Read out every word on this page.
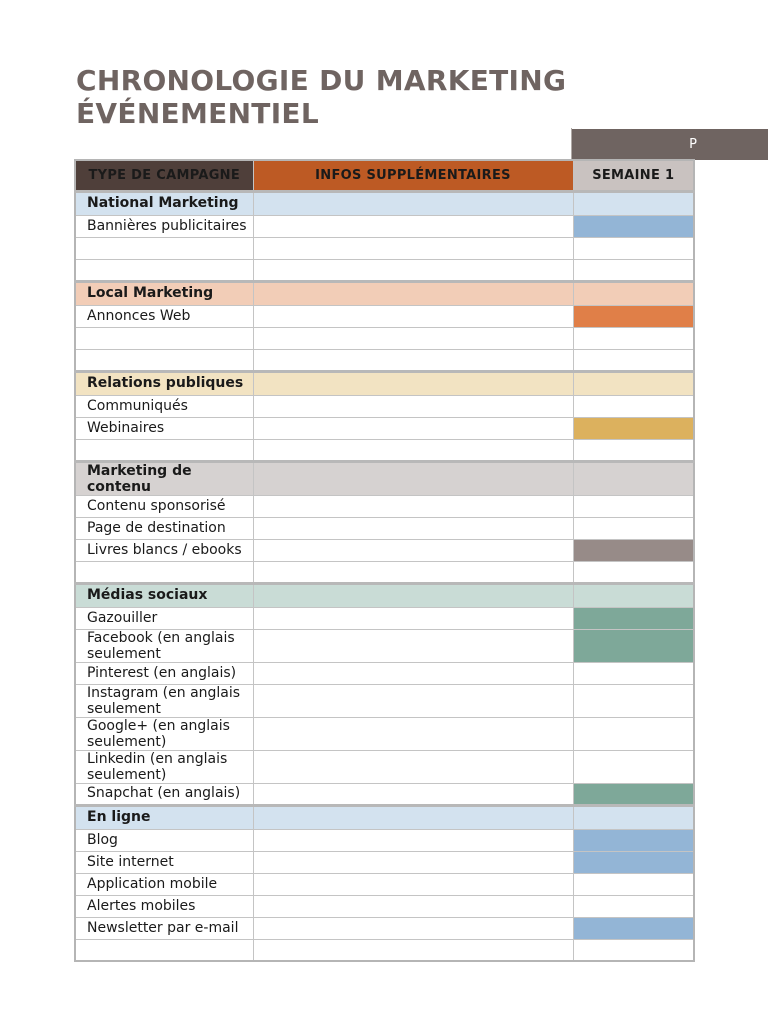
CHRONOLOGIE DU MARKETING
ÉVÉNEMENTIEL
P
TYPE DE CAMPAGNE	INFOS SUPPLÉMENTAIRES	SEMAINE 1
National Marketing		
Bannières publicitaires		

Local Marketing		
Annonces Web		

Relations publiques		
Communiqués		
Webinaires		

Marketing de contenu		
Contenu sponsorisé		
Page de destination		
Livres blancs / ebooks		

Médias sociaux		
Gazouiller		
Facebook (en anglais seulement		
Pinterest (en anglais)		
Instagram (en anglais seulement		
Google+ (en anglais seulement)		
Linkedin (en anglais seulement)		
Snapchat (en anglais)		
En ligne		
Blog		
Site internet		
Application mobile		
Alertes mobiles		
Newsletter par e-mail		
